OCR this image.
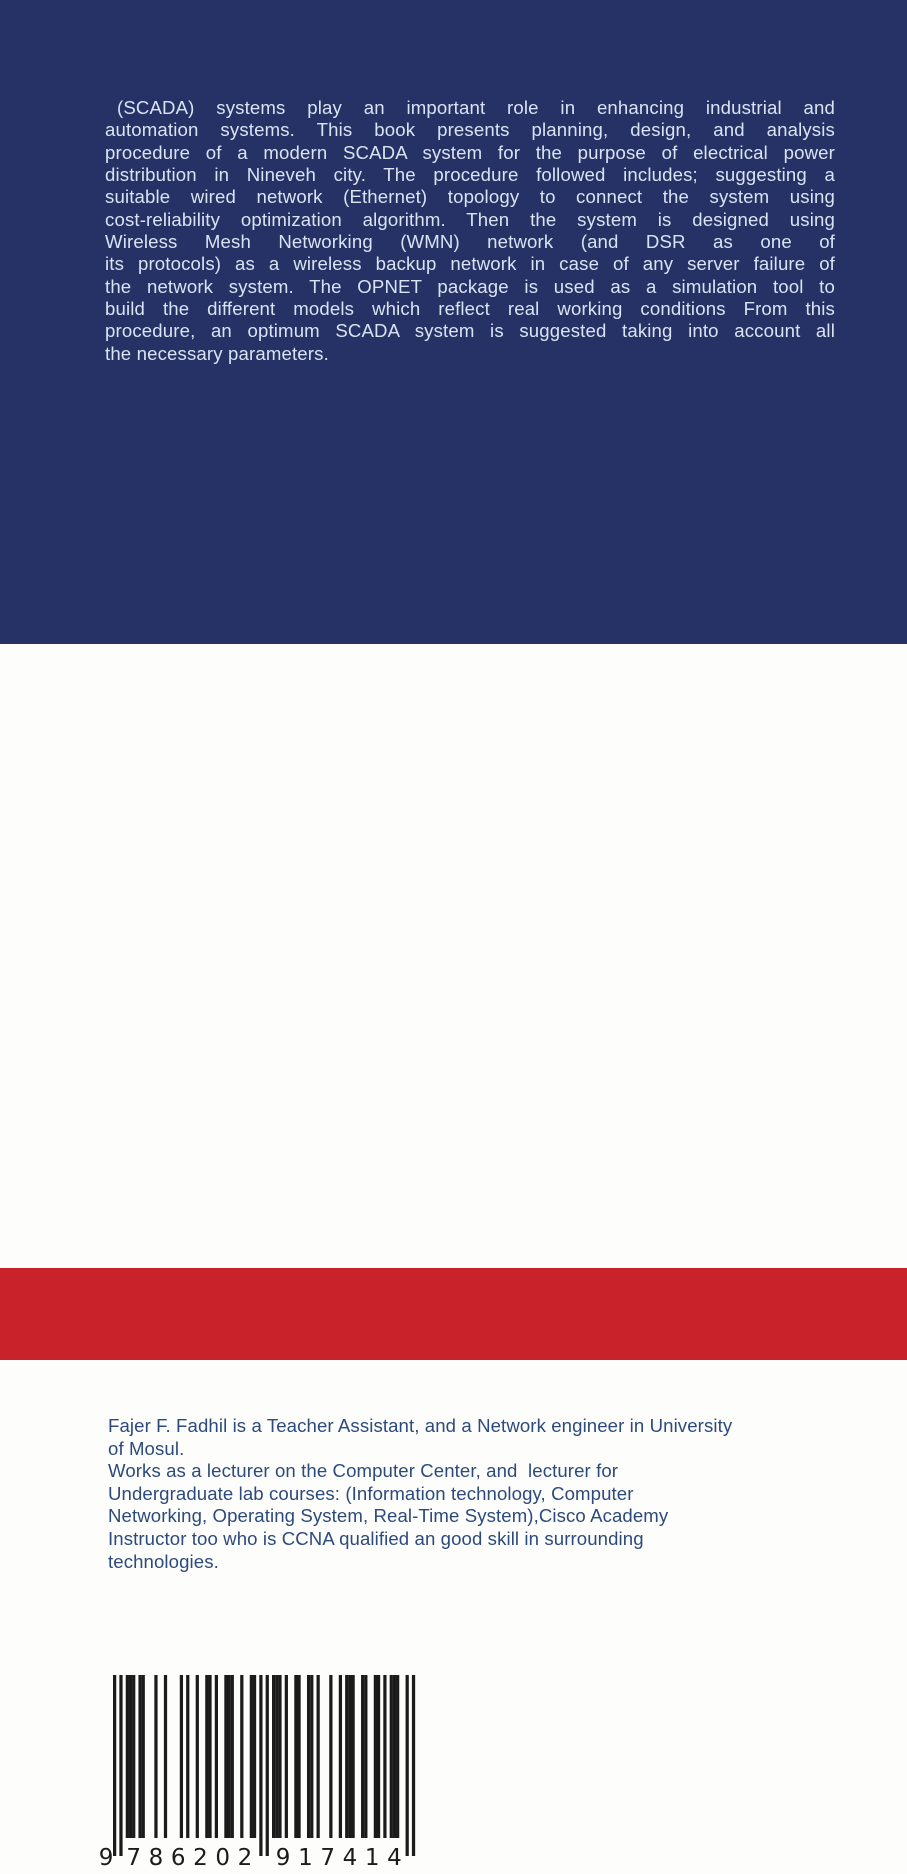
(SCADA) systems play an important role in enhancing industrial and
automation systems. This book presents planning, design, and analysis
procedure of a modern SCADA system for the purpose of electrical power
distribution in Nineveh city. The procedure followed includes; suggesting a
suitable wired network (Ethernet) topology to connect the system using
cost-reliability optimization algorithm. Then the system is designed using
Wireless Mesh Networking (WMN) network (and DSR as one of
its protocols) as a wireless backup network in case of any server failure of
the network system. The OPNET package is used as a simulation tool to
build the different models which reflect real working conditions From this
procedure, an optimum SCADA system is suggested taking into account all
the necessary parameters.
Fajer F. Fadhil is a Teacher Assistant, and a Network engineer in University
of Mosul.
Works as a lecturer on the Computer Center, and  lecturer for
Undergraduate lab courses: (Information technology, Computer
Networking, Operating System, Real-Time System),Cisco Academy
Instructor too who is CCNA qualified an good skill in surrounding
technologies.
9 7 8 6 2 0 2 9 1 7 4 1 4
